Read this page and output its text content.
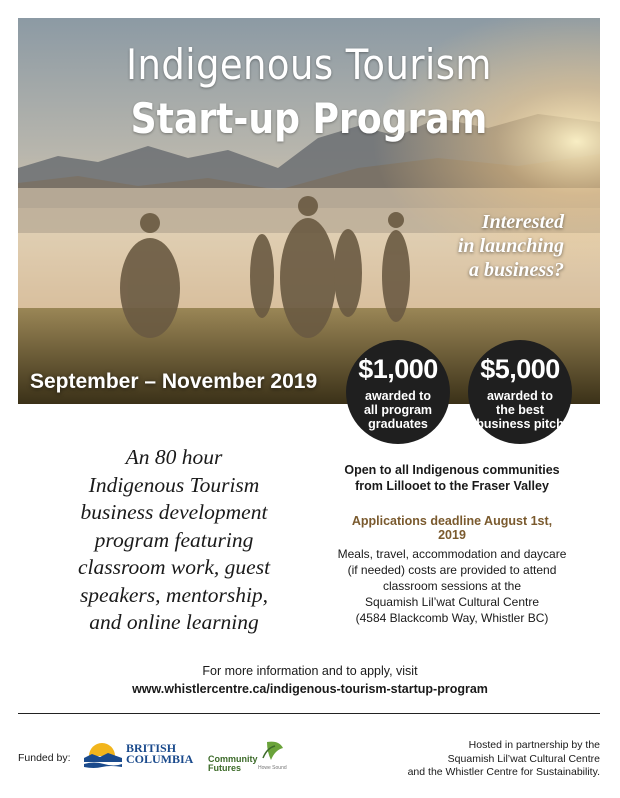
Indigenous Tourism
Start-up Program
Interested
in launching
a business?
September – November 2019	$1,000
awarded to
all program
graduates
$5,000
awarded to
the best
business pitch
An 80 hour
Indigenous Tourism
business development
program featuring
classroom work, guest
speakers, mentorship,
and online learning
Open to all Indigenous communities
from Lillooet to the Fraser Valley
Applications deadline August 1st, 2019
Meals, travel, accommodation and daycare
(if needed) costs are provided to attend
classroom sessions at the
Squamish Lil’wat Cultural Centre
(4584 Blackcomb Way, Whistler BC)
For more information and to apply, visit
www.whistlercentre.ca/indigenous-tourism-startup-program
Funded by:
BRITISH
COLUMBIA Community
Futures	Howe Sound
Hosted in partnership by the
Squamish Lil’wat Cultural Centre
and the Whistler Centre for Sustainability.
